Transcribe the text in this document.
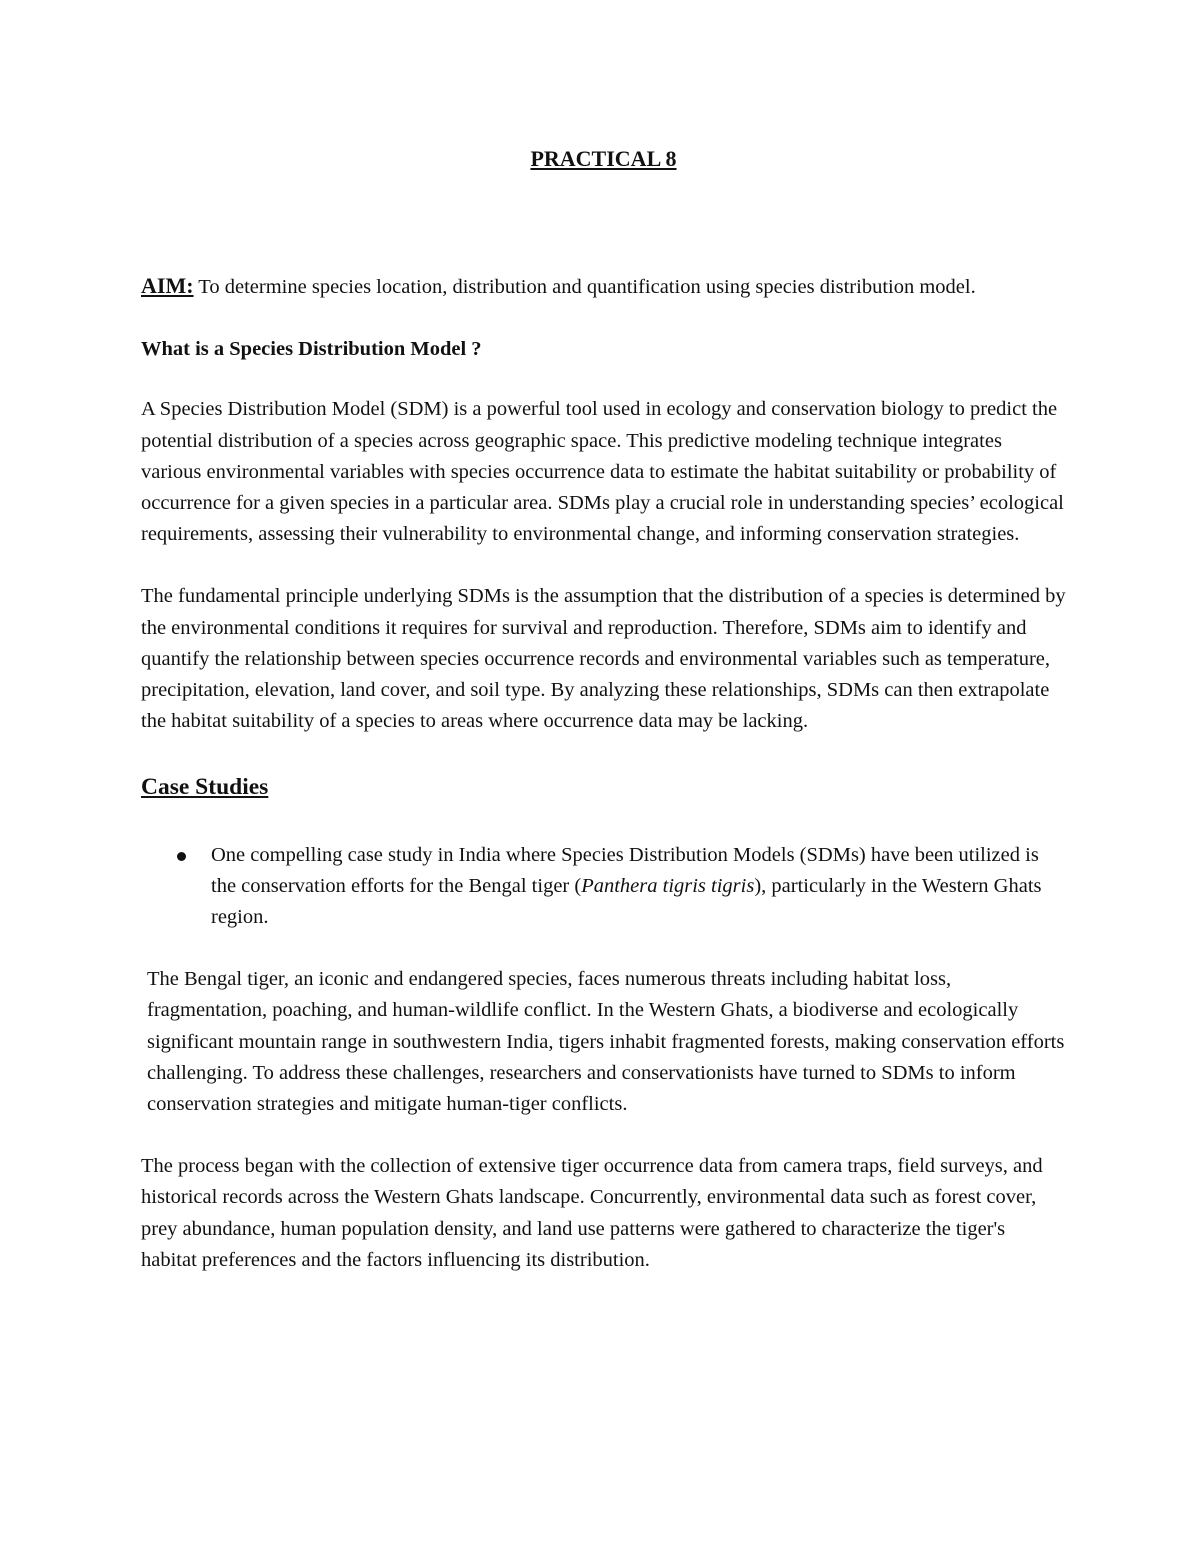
PRACTICAL 8

AIM: To determine species location, distribution and quantification using species distribution model.

What is a Species Distribution Model ?

A Species Distribution Model (SDM) is a powerful tool used in ecology and conservation biology to predict the potential distribution of a species across geographic space. This predictive modeling technique integrates various environmental variables with species occurrence data to estimate the habitat suitability or probability of occurrence for a given species in a particular area. SDMs play a crucial role in understanding species’ ecological requirements, assessing their vulnerability to environmental change, and informing conservation strategies.

The fundamental principle underlying SDMs is the assumption that the distribution of a species is determined by the environmental conditions it requires for survival and reproduction. Therefore, SDMs aim to identify and quantify the relationship between species occurrence records and environmental variables such as temperature, precipitation, elevation, land cover, and soil type. By analyzing these relationships, SDMs can then extrapolate the habitat suitability of a species to areas where occurrence data may be lacking.

Case Studies
One compelling case study in India where Species Distribution Models (SDMs) have been utilized is the conservation efforts for the Bengal tiger (Panthera tigris tigris), particularly in the Western Ghats region.

The Bengal tiger, an iconic and endangered species, faces numerous threats including habitat loss, fragmentation, poaching, and human-wildlife conflict. In the Western Ghats, a biodiverse and ecologically significant mountain range in southwestern India, tigers inhabit fragmented forests, making conservation efforts challenging. To address these challenges, researchers and conservationists have turned to SDMs to inform conservation strategies and mitigate human-tiger conflicts.

The process began with the collection of extensive tiger occurrence data from camera traps, field surveys, and historical records across the Western Ghats landscape. Concurrently, environmental data such as forest cover, prey abundance, human population density, and land use patterns were gathered to characterize the tiger's habitat preferences and the factors influencing its distribution.
